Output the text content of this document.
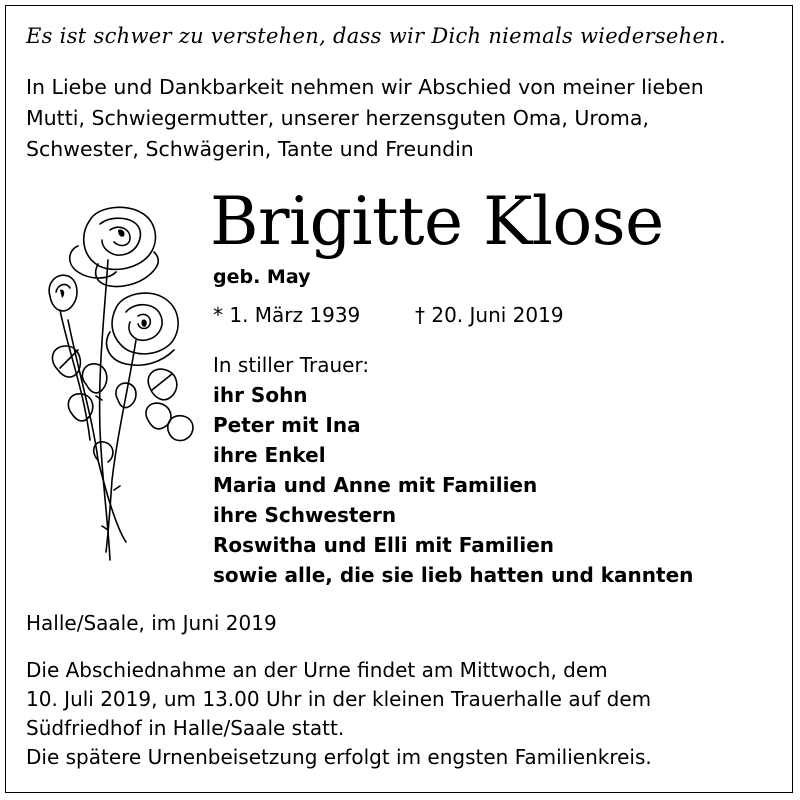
Es ist schwer zu verstehen, dass wir Dich niemals wiedersehen.
In Liebe und Dankbarkeit nehmen wir Abschied von meiner lieben
Mutti, Schwiegermutter, unserer herzensguten Oma, Uroma,
Schwester, Schwägerin, Tante und Freundin
Brigitte Klose
geb. May
* 1. März 1939	† 20. Juni 2019
In stiller Trauer:
ihr Sohn
Peter mit Ina
ihre Enkel
Maria und Anne mit Familien
ihre Schwestern
Roswitha und Elli mit Familien
sowie alle, die sie lieb hatten und kannten
Halle/Saale, im Juni 2019
Die Abschiednahme an der Urne findet am Mittwoch, dem
10. Juli 2019, um 13.00 Uhr in der kleinen Trauerhalle auf dem
Südfriedhof in Halle/Saale statt.
Die spätere Urnenbeisetzung erfolgt im engsten Familienkreis.
